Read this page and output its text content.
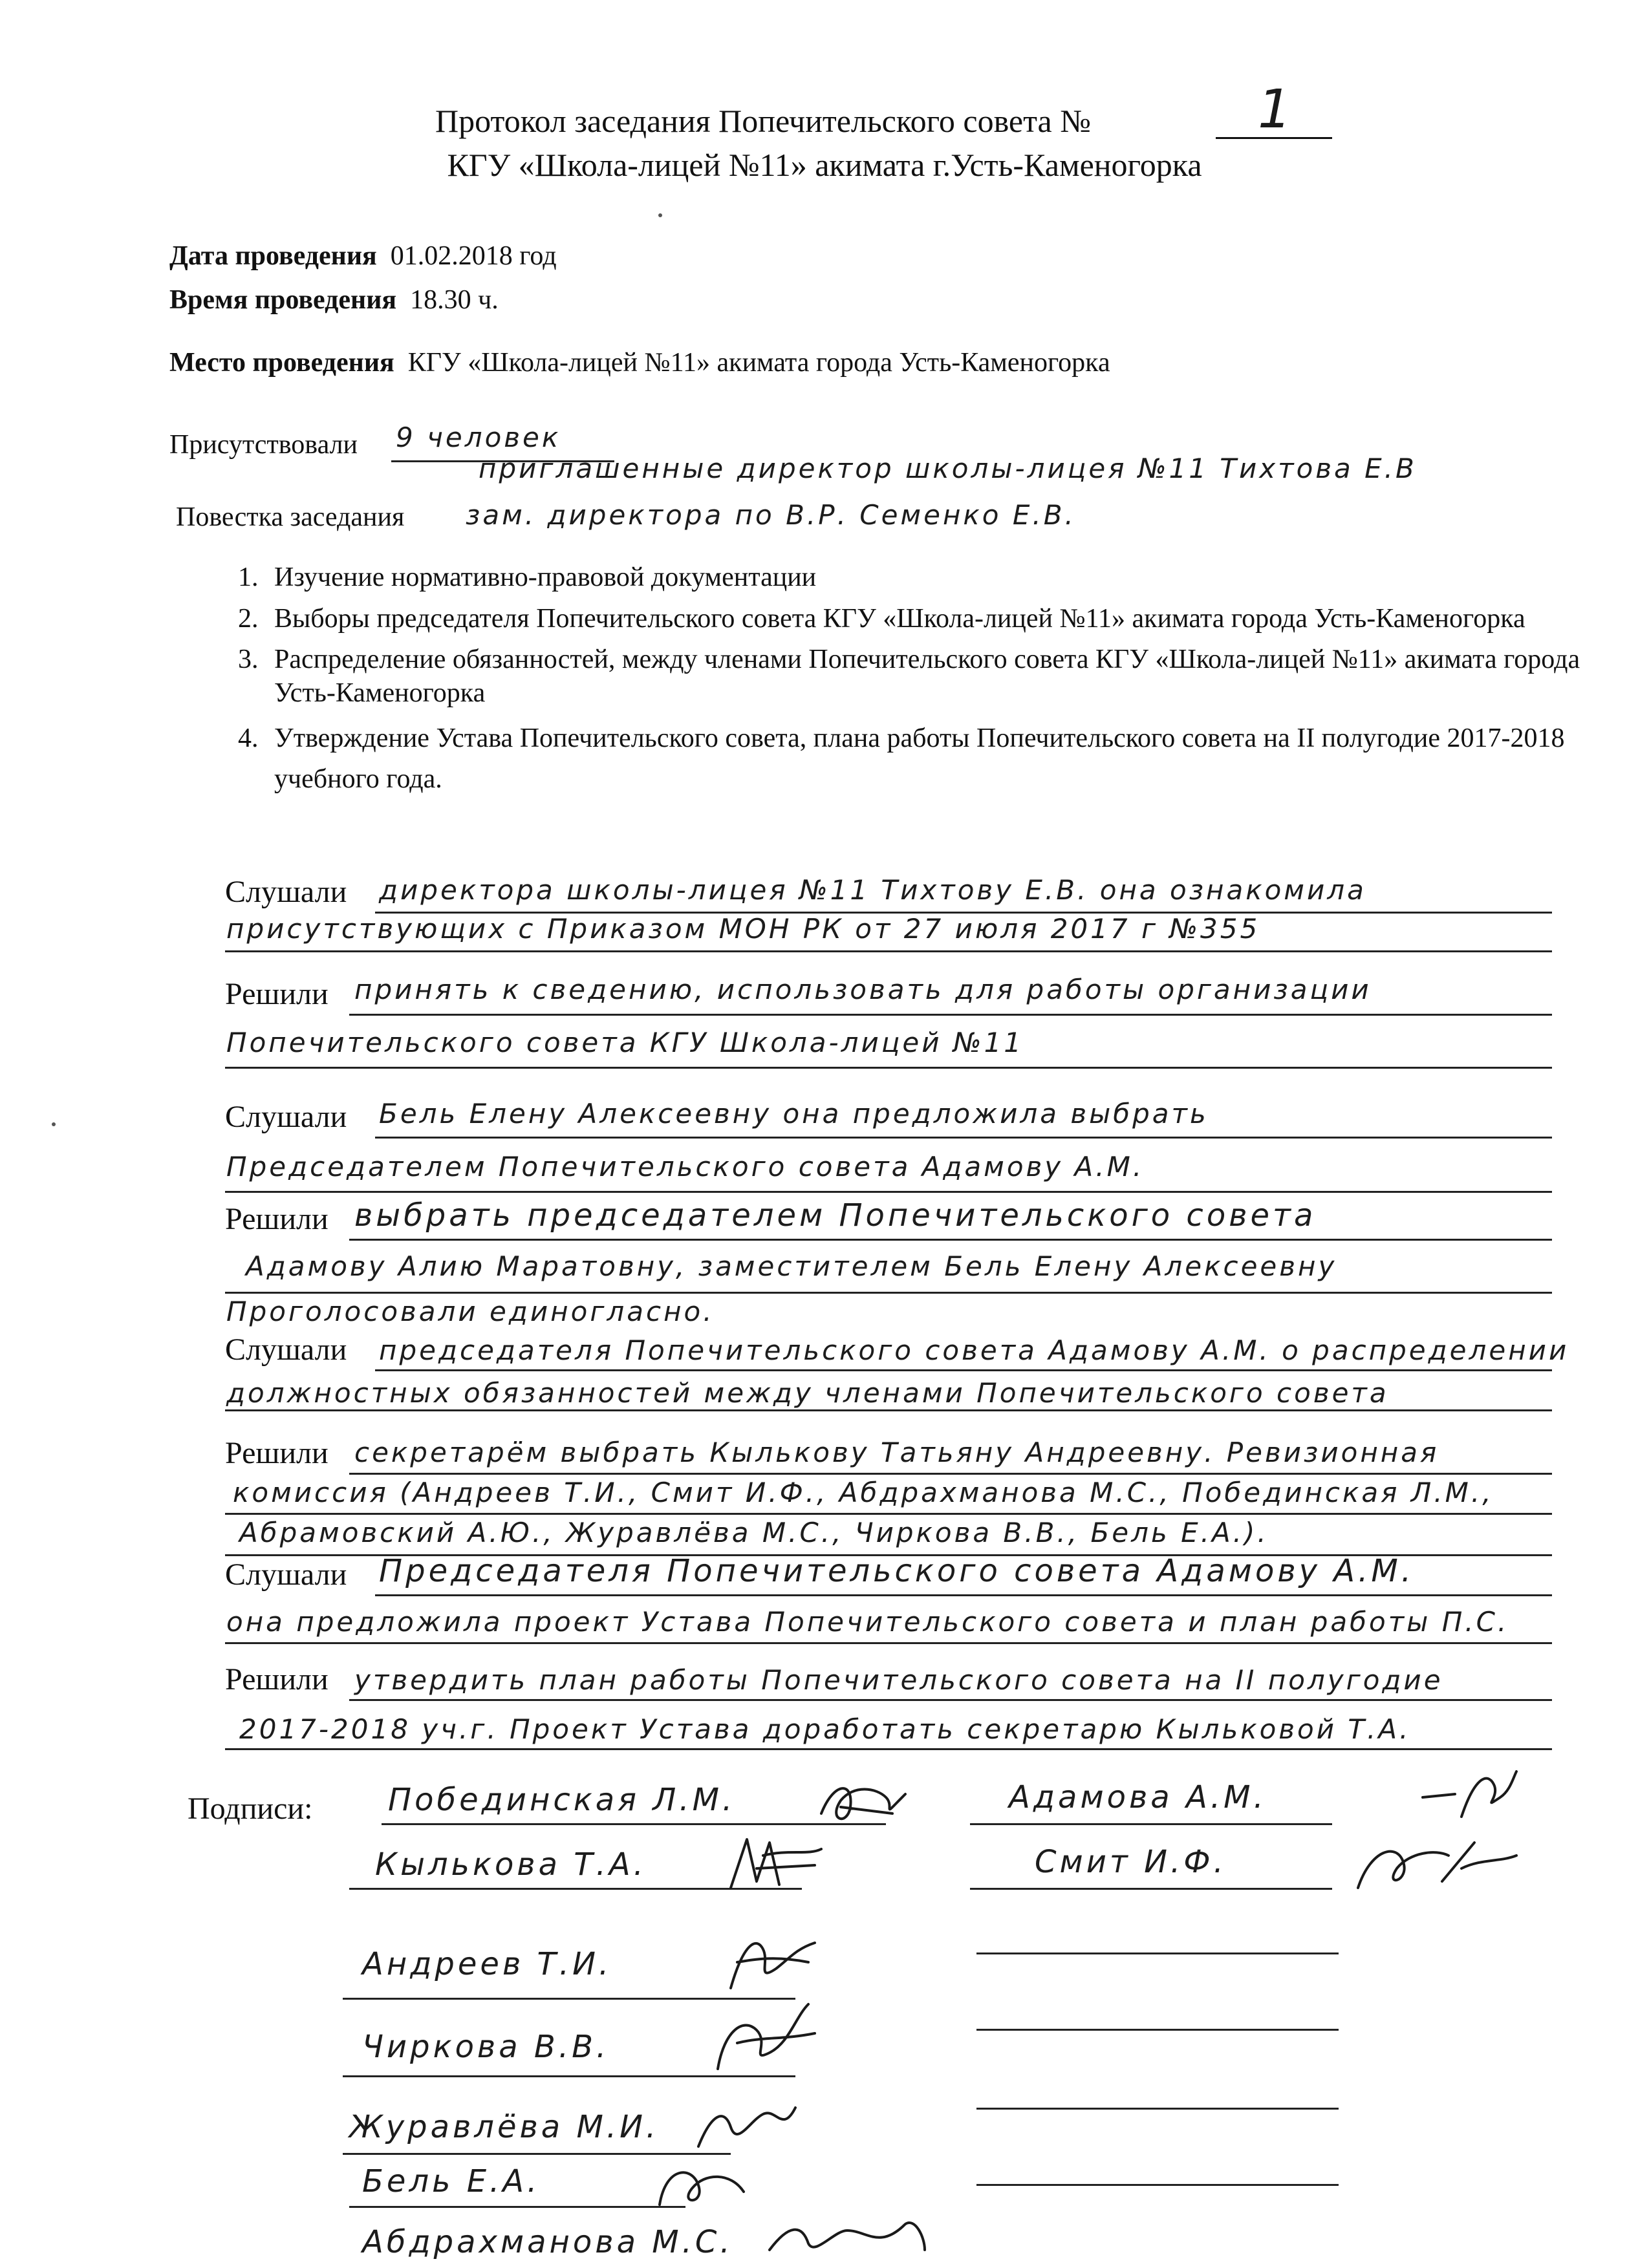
Протокол заседания Попечительского совета №	1
КГУ «Школа-лицей №11» акимата г.Усть-Каменогорка
Дата проведения 01.02.2018 год
Время проведения 18.30 ч.
Место проведения КГУ «Школа-лицей №11» акимата города Усть-Каменогорка
Присутствовали 9 человек
приглашенные директор школы-лицея №11 Тихтова Е.В
Повестка заседания зам. директора по В.Р. Семенко Е.В.
1. Изучение нормативно-правовой документации
2. Выборы председателя Попечительского совета КГУ «Школа-лицей №11» акимата города Усть-Каменогорка
3. Распределение обязанностей, между членами Попечительского совета КГУ «Школа-лицей №11» акимата города Усть-Каменогорка
4. Утверждение Устава Попечительского совета, плана работы Попечительского совета на II полугодие 2017-2018 учебного года.
Слушали директора школы-лицея №11 Тихтову Е.В. она ознакомила
присутствующих с Приказом МОН РК от 27 июля 2017 г №355
Решили принять к сведению, использовать для работы организации
Попечительского совета КГУ Школа-лицей №11
Слушали Бель Елену Алексеевну она предложила выбрать
Председателем Попечительского совета Адамову А.М.
Решили выбрать председателем Попечительского совета
Адамову Алию Маратовну, заместителем Бель Елену Алексеевну
Проголосовали единогласно.
Слушали председателя Попечительского совета Адамову А.М. о распределении
должностных обязанностей между членами Попечительского совета
Решили секретарём выбрать Кылькову Татьяну Андреевну. Ревизионная
комиссия (Андреев Т.И., Смит И.Ф., Абдрахманова М.С., Побединская Л.М.,
Абрамовский А.Ю., Журавлёва М.С., Чиркова В.В., Бель Е.А.).
Слушали Председателя Попечительского совета Адамову А.М.
она предложила проект Устава Попечительского совета и план работы П.С.
Решили утвердить план работы Попечительского совета на II полугодие
2017-2018 уч.г. Проект Устава доработать секретарю Кыльковой Т.А.
Подписи: Побединская Л.М.
Кылькова Т.А.
Андреев Т.И.
Чиркова В.В.
Журавлёва М.И.
Бель Е.А.
Абдрахманова М.С.
Адамова А.М.
Смит И.Ф.
